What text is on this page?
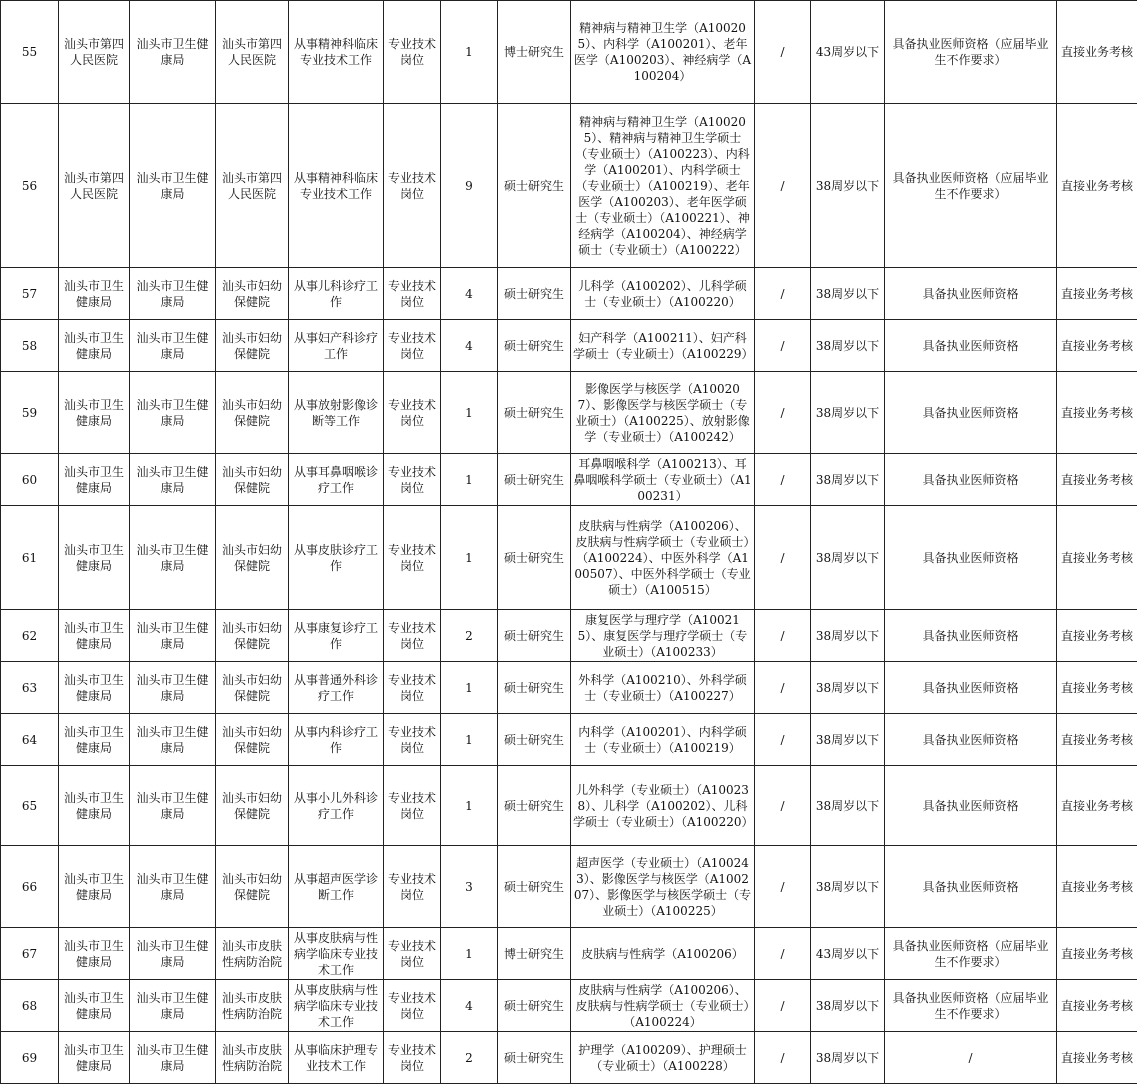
55	汕头市第四人民医院	汕头市卫生健康局	汕头市第四人民医院	从事精神科临床专业技术工作	专业技术岗位	1	博士研究生	精神病与精神卫生学（A100205）、内科学（A100201）、老年医学（A100203）、神经病学（A100204）	/	43周岁以下	具备执业医师资格（应届毕业生不作要求）	直接业务考核
56	汕头市第四人民医院	汕头市卫生健康局	汕头市第四人民医院	从事精神科临床专业技术工作	专业技术岗位	9	硕士研究生	精神病与精神卫生学（A100205）、精神病与精神卫生学硕士（专业硕士）（A100223）、内科学（A100201）、内科学硕士（专业硕士）（A100219）、老年医学（A100203）、老年医学硕士（专业硕士）（A100221）、神经病学（A100204）、神经病学硕士（专业硕士）（A100222）	/	38周岁以下	具备执业医师资格（应届毕业生不作要求）	直接业务考核
57	汕头市卫生健康局	汕头市卫生健康局	汕头市妇幼保健院	从事儿科诊疗工作	专业技术岗位	4	硕士研究生	儿科学（A100202）、儿科学硕士（专业硕士）（A100220）	/	38周岁以下	具备执业医师资格	直接业务考核
58	汕头市卫生健康局	汕头市卫生健康局	汕头市妇幼保健院	从事妇产科诊疗工作	专业技术岗位	4	硕士研究生	妇产科学（A100211）、妇产科学硕士（专业硕士）（A100229）	/	38周岁以下	具备执业医师资格	直接业务考核
59	汕头市卫生健康局	汕头市卫生健康局	汕头市妇幼保健院	从事放射影像诊断等工作	专业技术岗位	1	硕士研究生	影像医学与核医学（A100207）、影像医学与核医学硕士（专业硕士）（A100225）、放射影像学（专业硕士）（A100242）	/	38周岁以下	具备执业医师资格	直接业务考核
60	汕头市卫生健康局	汕头市卫生健康局	汕头市妇幼保健院	从事耳鼻咽喉诊疗工作	专业技术岗位	1	硕士研究生	耳鼻咽喉科学（A100213）、耳鼻咽喉科学硕士（专业硕士）（A100231）	/	38周岁以下	具备执业医师资格	直接业务考核
61	汕头市卫生健康局	汕头市卫生健康局	汕头市妇幼保健院	从事皮肤诊疗工作	专业技术岗位	1	硕士研究生	皮肤病与性病学（A100206）、皮肤病与性病学硕士（专业硕士）（A100224）、中医外科学（A100507）、中医外科学硕士（专业硕士）（A100515）	/	38周岁以下	具备执业医师资格	直接业务考核
62	汕头市卫生健康局	汕头市卫生健康局	汕头市妇幼保健院	从事康复诊疗工作	专业技术岗位	2	硕士研究生	康复医学与理疗学（A100215）、康复医学与理疗学硕士（专业硕士）（A100233）	/	38周岁以下	具备执业医师资格	直接业务考核
63	汕头市卫生健康局	汕头市卫生健康局	汕头市妇幼保健院	从事普通外科诊疗工作	专业技术岗位	1	硕士研究生	外科学（A100210）、外科学硕士（专业硕士）（A100227）	/	38周岁以下	具备执业医师资格	直接业务考核
64	汕头市卫生健康局	汕头市卫生健康局	汕头市妇幼保健院	从事内科诊疗工作	专业技术岗位	1	硕士研究生	内科学（A100201）、内科学硕士（专业硕士）（A100219）	/	38周岁以下	具备执业医师资格	直接业务考核
65	汕头市卫生健康局	汕头市卫生健康局	汕头市妇幼保健院	从事小儿外科诊疗工作	专业技术岗位	1	硕士研究生	儿外科学（专业硕士）（A100238）、儿科学（A100202）、儿科学硕士（专业硕士）（A100220）	/	38周岁以下	具备执业医师资格	直接业务考核
66	汕头市卫生健康局	汕头市卫生健康局	汕头市妇幼保健院	从事超声医学诊断工作	专业技术岗位	3	硕士研究生	超声医学（专业硕士）（A100243）、影像医学与核医学（A100207）、影像医学与核医学硕士（专业硕士）（A100225）	/	38周岁以下	具备执业医师资格	直接业务考核
67	汕头市卫生健康局	汕头市卫生健康局	汕头市皮肤性病防治院	从事皮肤病与性病学临床专业技术工作	专业技术岗位	1	博士研究生	皮肤病与性病学（A100206）	/	43周岁以下	具备执业医师资格（应届毕业生不作要求）	直接业务考核
68	汕头市卫生健康局	汕头市卫生健康局	汕头市皮肤性病防治院	从事皮肤病与性病学临床专业技术工作	专业技术岗位	4	硕士研究生	皮肤病与性病学（A100206）、皮肤病与性病学硕士（专业硕士）（A100224）	/	38周岁以下	具备执业医师资格（应届毕业生不作要求）	直接业务考核
69	汕头市卫生健康局	汕头市卫生健康局	汕头市皮肤性病防治院	从事临床护理专业技术工作	专业技术岗位	2	硕士研究生	护理学（A100209）、护理硕士（专业硕士）（A100228）	/	38周岁以下	/	直接业务考核
